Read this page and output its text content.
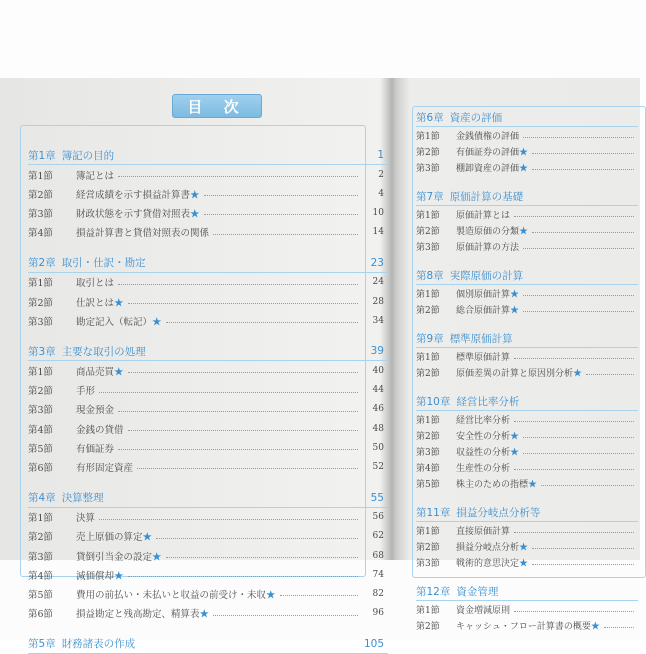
目 次
第1章 簿記の目的	1
第1節	簿記とは	2
第2節	経営成績を示す損益計算書★	4
第3節	財政状態を示す貸借対照表★	10
第4節	損益計算書と貸借対照表の関係	14
第2章 取引・仕訳・勘定	23
第1節	取引とは	24
第2節	仕訳とは★	28
第3節	勘定記入（転記）★	34
第3章 主要な取引の処理	39
第1節	商品売買★	40
第2節	手形	44
第3節	現金預金	46
第4節	金銭の貸借	48
第5節	有価証券	50
第6節	有形固定資産	52
第4章 決算整理	55
第1節	決算	56
第2節	売上原価の算定★	62
第3節	貸倒引当金の設定★	68
第4節	減価償却★	74
第5節	費用の前払い・未払いと収益の前受け・未収★	82
第6節	損益勘定と残高勘定、精算表★	96
第5章 財務諸表の作成	105
第6章 資産の評価
第1節	金銭債権の評価
第2節	有価証券の評価★
第3節	棚卸資産の評価★
第7章 原価計算の基礎
第1節	原価計算とは
第2節	製造原価の分類★
第3節	原価計算の方法
第8章 実際原価の計算
第1節	個別原価計算★
第2節	総合原価計算★
第9章 標準原価計算
第1節	標準原価計算
第2節	原価差異の計算と原因別分析★
第10章 経営比率分析
第1節	経営比率分析
第2節	安全性の分析★
第3節	収益性の分析★
第4節	生産性の分析
第5節	株主のための指標★
第11章 損益分岐点分析等
第1節	直接原価計算
第2節	損益分岐点分析★
第3節	戦術的意思決定★
第12章 資金管理
第1節	資金増減原則
第2節	キャッシュ・フロー計算書の概要★
